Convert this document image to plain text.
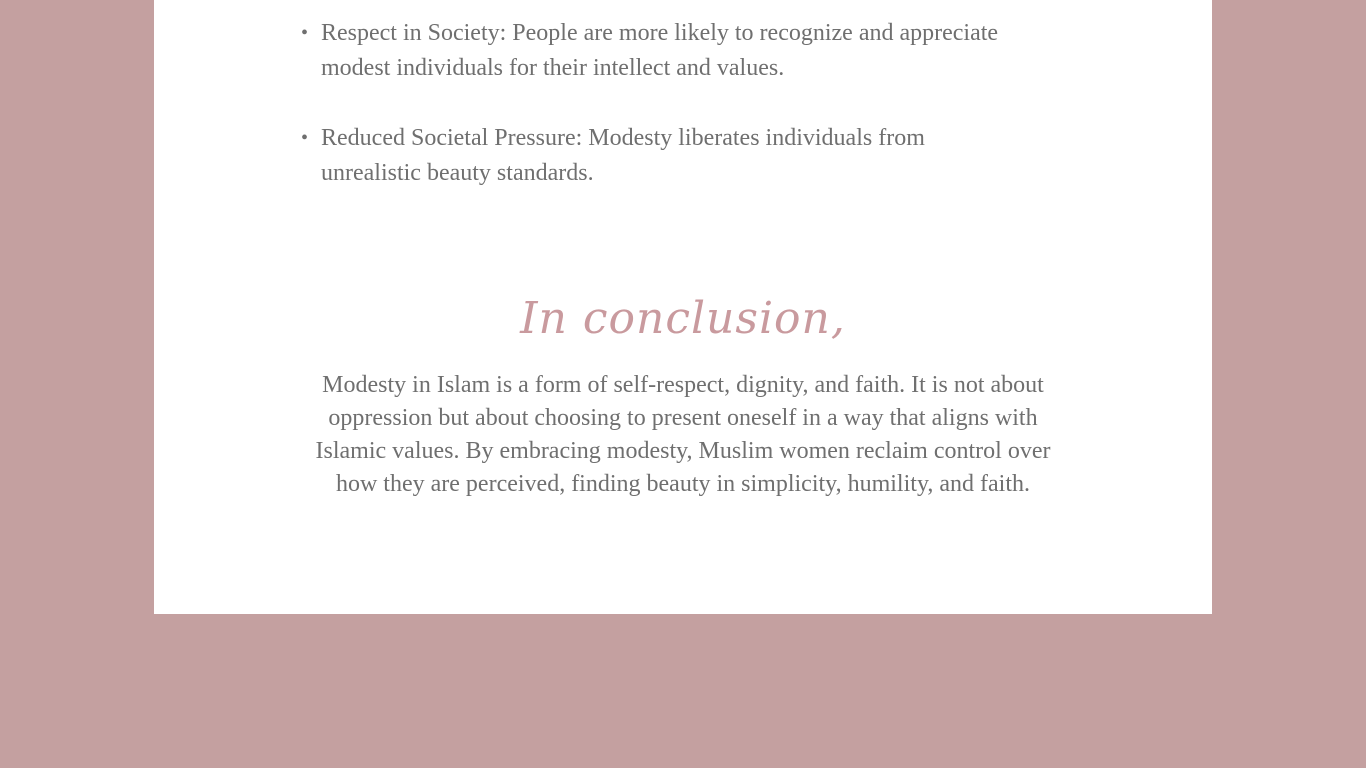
• Respect in Society: People are more likely to recognize and appreciate modest individuals for their intellect and values.
• Reduced Societal Pressure: Modesty liberates individuals from unrealistic beauty standards.
In conclusion,

Modesty in Islam is a form of self-respect, dignity, and faith. It is not about oppression but about choosing to present oneself in a way that aligns with Islamic values. By embracing modesty, Muslim women reclaim control over how they are perceived, finding beauty in simplicity, humility, and faith.
